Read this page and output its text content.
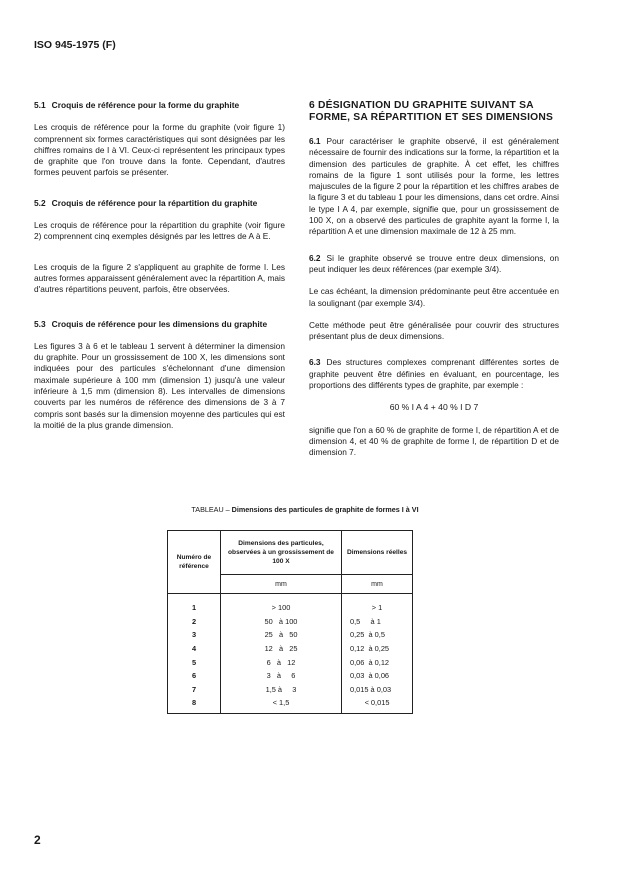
ISO 945-1975 (F)
5.1 Croquis de référence pour la forme du graphite

Les croquis de référence pour la forme du graphite (voir figure 1) comprennent six formes caractéristiques qui sont désignées par les chiffres romains de I à VI. Ceux-ci représentent les principaux types de graphite que l'on trouve dans la fonte. Cependant, d'autres formes peuvent parfois se présenter.

5.2 Croquis de référence pour la répartition du graphite

Les croquis de référence pour la répartition du graphite (voir figure 2) comprennent cinq exemples désignés par les lettres de A à E.

Les croquis de la figure 2 s'appliquent au graphite de forme I. Les autres formes apparaissent généralement avec la répartition A, mais d'autres répartitions peuvent, parfois, être observées.

5.3 Croquis de référence pour les dimensions du graphite

Les figures 3 à 6 et le tableau 1 servent à déterminer la dimension du graphite. Pour un grossissement de 100 X, les dimensions sont indiquées pour des particules s'échelonnant d'une dimension maximale supérieure à 100 mm (dimension 1) jusqu'à une valeur inférieure à 1,5 mm (dimension 8). Les intervalles de dimensions couverts par les numéros de référence des dimensions de 3 à 7 compris sont basés sur la dimension moyenne des particules qui est la moitié de la plus grande dimension.

6 DÉSIGNATION DU GRAPHITE SUIVANT SA FORME, SA RÉPARTITION ET SES DIMENSIONS

6.1 Pour caractériser le graphite observé, il est généralement nécessaire de fournir des indications sur la forme, la répartition et la dimension des particules de graphite. À cet effet, les chiffres romains de la figure 1 sont utilisés pour la forme, les lettres majuscules de la figure 2 pour la répartition et les chiffres arabes de la figure 3 et du tableau 1 pour les dimensions, dans cet ordre. Ainsi le type I A 4, par exemple, signifie que, pour un grossissement de 100 X, on a observé des particules de graphite ayant la forme I, la répartition A et une dimension maximale de 12 à 25 mm.

6.2 Si le graphite observé se trouve entre deux dimensions, on peut indiquer les deux références (par exemple 3/4).

Le cas échéant, la dimension prédominante peut être accentuée en la soulignant (par exemple 3/4).

Cette méthode peut être généralisée pour couvrir des structures présentant plus de deux dimensions.

6.3 Des structures complexes comprenant différentes sortes de graphite peuvent être définies en évaluant, en pourcentage, les proportions des différents types de graphite, par exemple :

60 % I A 4 + 40 % I D 7

signifie que l'on a 60 % de graphite de forme I, de répartition A et de dimension 4, et 40 % de graphite de forme I, de répartition D et de dimension 7.

TABLEAU – Dimensions des particules de graphite de formes I à VI
Numéro de référence	Dimensions des particules, observées à un grossissement de 100 X	Dimensions réelles
	mm	mm
1	> 100	> 1
2	50   à 100	0,5     à 1
3	25   à   50	0,25  à 0,5
4	12   à   25	0,12  à 0,25
5	6   à   12	0,06  à 0,12
6	3   à     6	0,03  à 0,06
7	1,5 à     3	0,015 à 0,03
8	< 1,5	< 0,015
2
